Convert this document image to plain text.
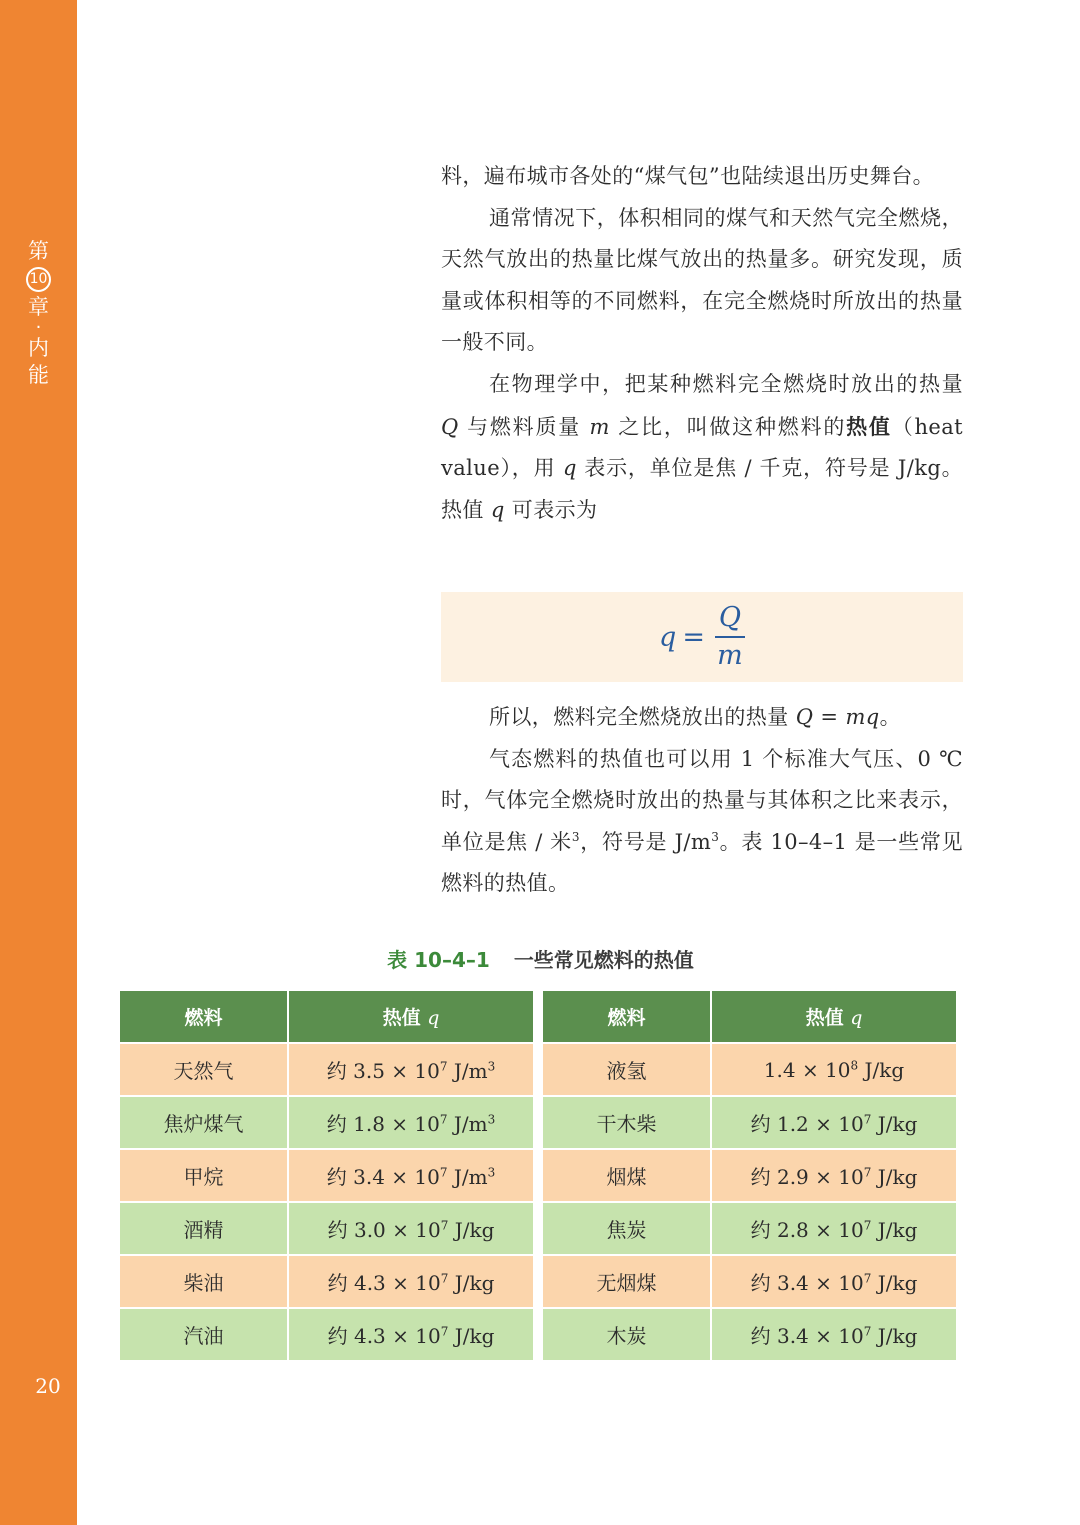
第
10
章
·
内
能
20

料，遍布城市各处的“煤气包”也陆续退出历史舞台。

通常情况下，体积相同的煤气和天然气完全燃烧，天然气放出的热量比煤气放出的热量多。研究发现，质量或体积相等的不同燃料，在完全燃烧时所放出的热量一般不同。

在物理学中，把某种燃料完全燃烧时放出的热量 Q 与燃料质量 m 之比，叫做这种燃料的热值（heat value），用 q 表示，单位是焦 / 千克，符号是 J/kg。热值 q 可表示为

$q = \frac{Q}{m}$

所以，燃料完全燃烧放出的热量 Q = mq。

气态燃料的热值也可以用 1 个标准大气压、0 ℃ 时，气体完全燃烧时放出的热量与其体积之比来表示，单位是焦 / 米$^3$，符号是 $J/m^3$。表 10–4–1 是一些常见燃料的热值。

表 10–4–1 一些常见燃料的热值
燃料	热值 q
天然气	约 $3.5 \times 10^7$ $J/m^3$
焦炉煤气	约 $1.8 \times 10^7$ $J/m^3$
甲烷	约 $3.4 \times 10^7$ $J/m^3$
酒精	约 $3.0 \times 10^7$ J/kg
柴油	约 $4.3 \times 10^7$ J/kg
汽油	约 $4.3 \times 10^7$ J/kg
燃料	热值 q
液氢	$1.4 \times 10^8$ J/kg
干木柴	约 $1.2 \times 10^7$ J/kg
烟煤	约 $2.9 \times 10^7$ J/kg
焦炭	约 $2.8 \times 10^7$ J/kg
无烟煤	约 $3.4 \times 10^7$ J/kg
木炭	约 $3.4 \times 10^7$ J/kg
